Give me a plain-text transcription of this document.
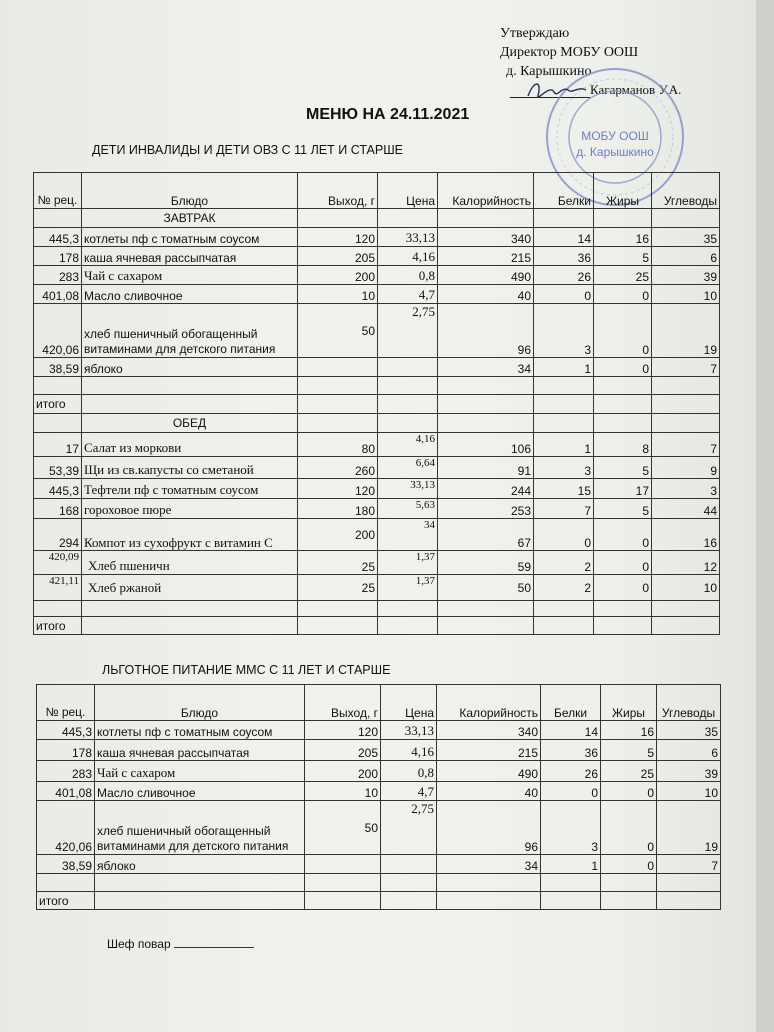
Утверждаю
Директор МОБУ ООШ
д. Карышкино
Кагарманов У.А.
МОБУ ООШ
д. Карышкино
МЕНЮ НА 24.11.2021
ДЕТИ ИНВАЛИДЫ И ДЕТИ ОВЗ С 11 ЛЕТ И СТАРШЕ
№ рец.	Блюдо	Выход, г	Цена	Калорийность	Белки	Жиры	Углеводы
	ЗАВТРАК						
445,3	котлеты пф с томатным соусом	120	33,13	340	14	16	35
178	каша ячневая рассыпчатая	205	4,16	215	36	5	6
283	Чай с сахаром	200	0,8	490	26	25	39
401,08	Масло сливочное	10	4,7	40	0	0	10
420,06	хлеб пшеничный обогащенный витаминами для детского питания	50	2,75	96	3	0	19
38,59	яблоко			34	1	0	7

итого							
	ОБЕД						
17	Салат из моркови	80	4,16	106	1	8	7
53,39	Щи из св.капусты со сметаной	260	6,64	91	3	5	9
445,3	Тефтели пф с томатным соусом	120	33,13	244	15	17	3
168	гороховое пюре	180	5,63	253	7	5	44
294	Компот из сухофрукт с витамин С	200	34	67	0	0	16
420,09	Хлеб пшеничн	25	1,37	59	2	0	12
421,11	Хлеб ржаной	25	1,37	50	2	0	10

итого							
ЛЬГОТНОЕ ПИТАНИЕ ММС С 11 ЛЕТ И СТАРШЕ
№ рец.	Блюдо	Выход, г	Цена	Калорийность	Белки	Жиры	Углеводы
445,3	котлеты пф с томатным соусом	120	33,13	340	14	16	35
178	каша ячневая рассыпчатая	205	4,16	215	36	5	6
283	Чай с сахаром	200	0,8	490	26	25	39
401,08	Масло сливочное	10	4,7	40	0	0	10
420,06	хлеб пшеничный обогащенный витаминами для детского питания	50	2,75	96	3	0	19
38,59	яблоко			34	1	0	7

итого							
Шеф повар
